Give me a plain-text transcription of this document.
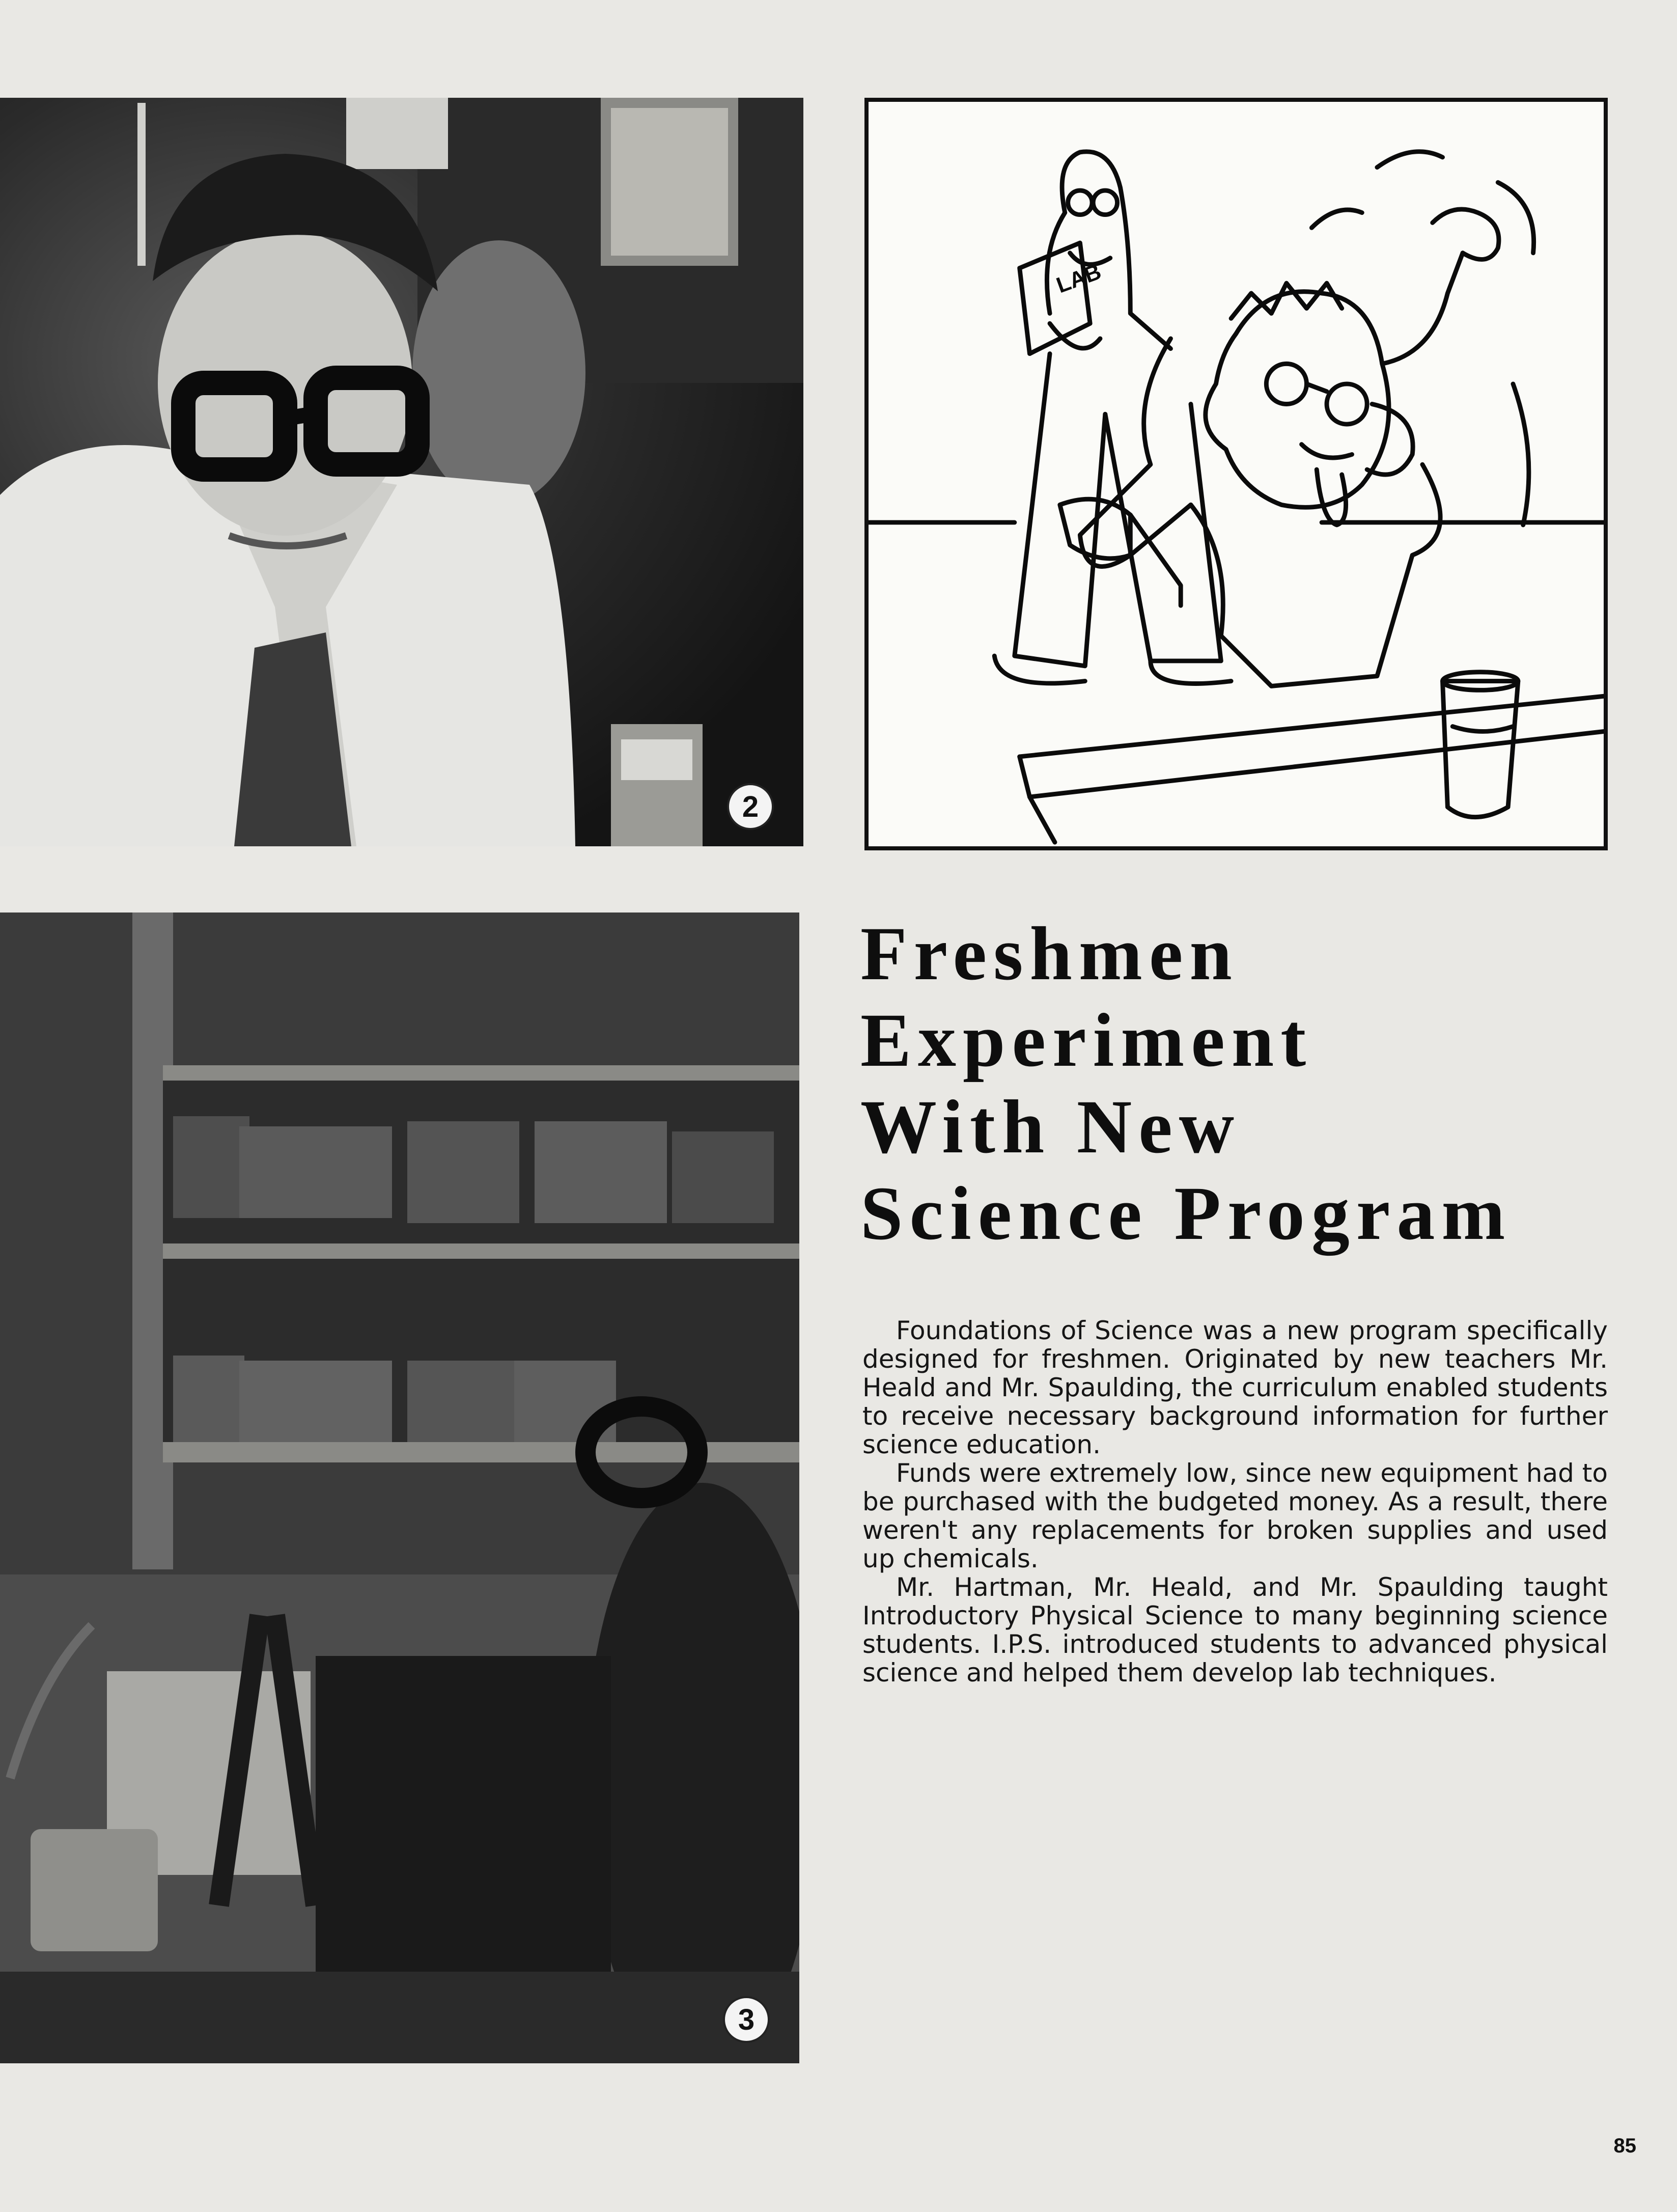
2
LAB
3
Freshmen
Experiment
With New
Science Program

Foundations of Science was a new program specifically designed for freshmen. Originated by new teachers Mr. Heald and Mr. Spaulding, the curriculum enabled students to receive necessary background information for further science education.

Funds were extremely low, since new equipment had to be purchased with the budgeted money. As a result, there weren't any replacements for broken supplies and used up chemicals.

Mr. Hartman, Mr. Heald, and Mr. Spaulding taught Introductory Physical Science to many beginning science students. I.P.S. introduced students to advanced physical science and helped them develop lab techniques.

85
